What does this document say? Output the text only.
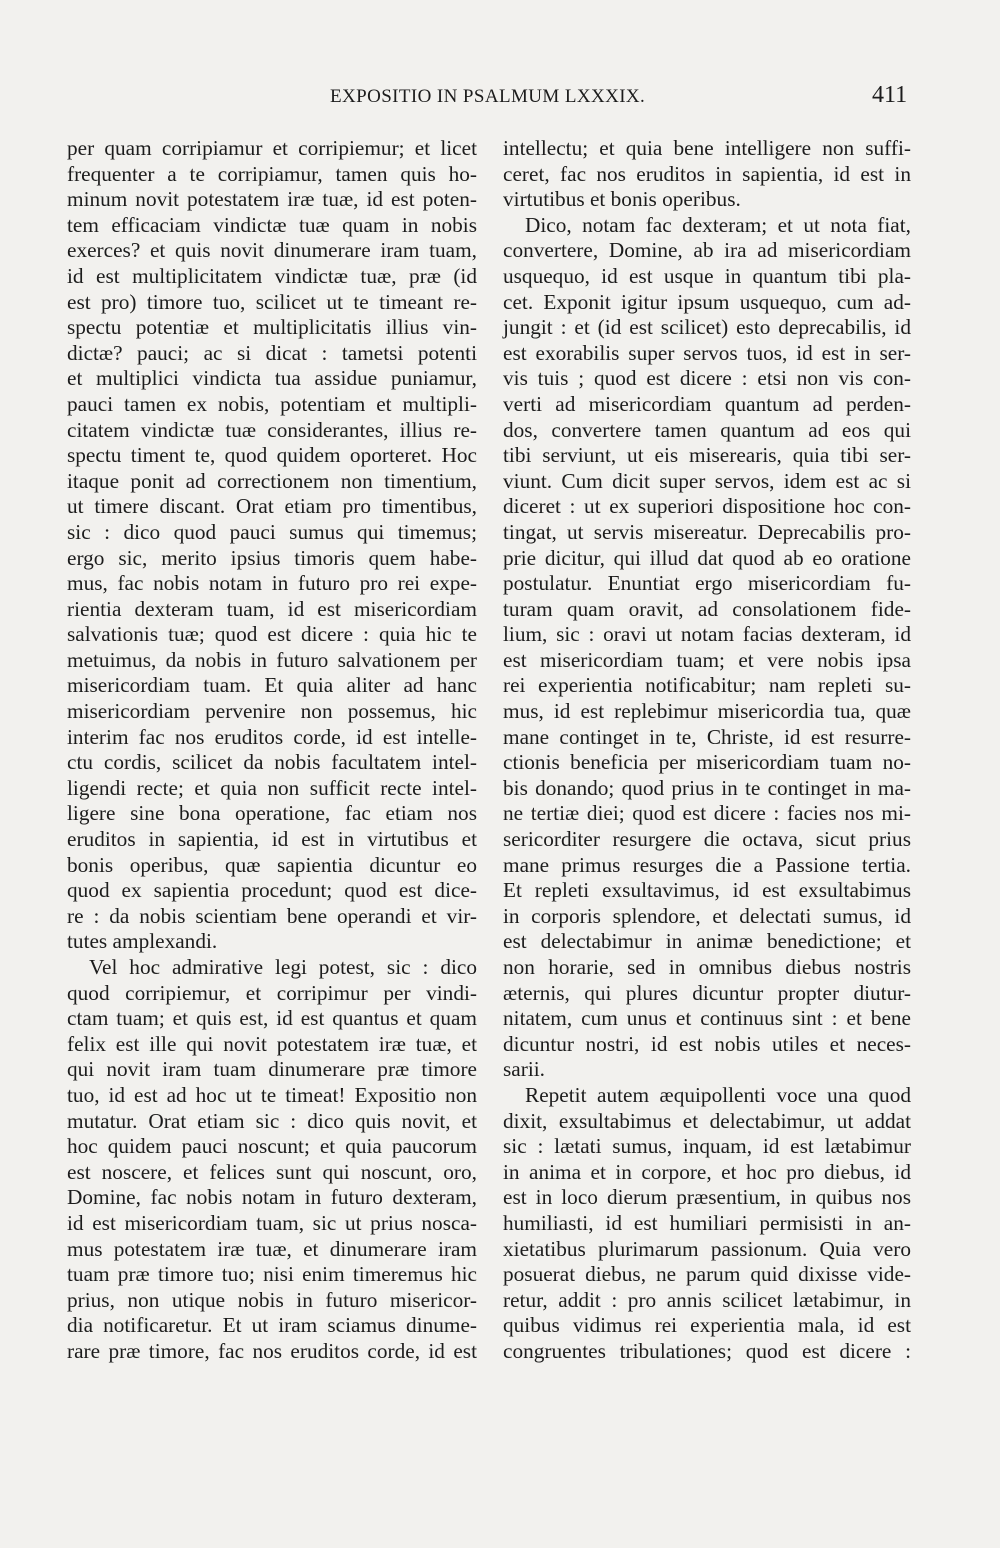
EXPOSITIO IN PSALMUM LXXXIX.	411
per quam corripiamur et corripiemur; et licet
frequenter a te corripiamur, tamen quis ho-
minum novit potestatem iræ tuæ, id est poten-
tem efficaciam vindictæ tuæ quam in nobis
exerces? et quis novit dinumerare iram tuam,
id est multiplicitatem vindictæ tuæ, præ (id
est pro) timore tuo, scilicet ut te timeant re-
spectu potentiæ et multiplicitatis illius vin-
dictæ? pauci; ac si dicat : tametsi potenti
et multiplici vindicta tua assidue puniamur,
pauci tamen ex nobis, potentiam et multipli-
citatem vindictæ tuæ considerantes, illius re-
spectu timent te, quod quidem oporteret. Hoc
itaque ponit ad correctionem non timentium,
ut timere discant. Orat etiam pro timentibus,
sic : dico quod pauci sumus qui timemus;
ergo sic, merito ipsius timoris quem habe-
mus, fac nobis notam in futuro pro rei expe-
rientia dexteram tuam, id est misericordiam
salvationis tuæ; quod est dicere : quia hic te
metuimus, da nobis in futuro salvationem per
misericordiam tuam. Et quia aliter ad hanc
misericordiam pervenire non possemus, hic
interim fac nos eruditos corde, id est intelle-
ctu cordis, scilicet da nobis facultatem intel-
ligendi recte; et quia non sufficit recte intel-
ligere sine bona operatione, fac etiam nos
eruditos in sapientia, id est in virtutibus et
bonis operibus, quæ sapientia dicuntur eo
quod ex sapientia procedunt; quod est dice-
re : da nobis scientiam bene operandi et vir-
tutes amplexandi.
Vel hoc admirative legi potest, sic : dico
quod corripiemur, et corripimur per vindi-
ctam tuam; et quis est, id est quantus et quam
felix est ille qui novit potestatem iræ tuæ, et
qui novit iram tuam dinumerare præ timore
tuo, id est ad hoc ut te timeat! Expositio non
mutatur. Orat etiam sic : dico quis novit, et
hoc quidem pauci noscunt; et quia paucorum
est noscere, et felices sunt qui noscunt, oro,
Domine, fac nobis notam in futuro dexteram,
id est misericordiam tuam, sic ut prius nosca-
mus potestatem iræ tuæ, et dinumerare iram
tuam præ timore tuo; nisi enim timeremus hic
prius, non utique nobis in futuro misericor-
dia notificaretur. Et ut iram sciamus dinume-
rare præ timore, fac nos eruditos corde, id est
intellectu; et quia bene intelligere non suffi-
ceret, fac nos eruditos in sapientia, id est in
virtutibus et bonis operibus.
Dico, notam fac dexteram; et ut nota fiat,
convertere, Domine, ab ira ad misericordiam
usquequo, id est usque in quantum tibi pla-
cet. Exponit igitur ipsum usquequo, cum ad-
jungit : et (id est scilicet) esto deprecabilis, id
est exorabilis super servos tuos, id est in ser-
vis tuis ; quod est dicere : etsi non vis con-
verti ad misericordiam quantum ad perden-
dos, convertere tamen quantum ad eos qui
tibi serviunt, ut eis miserearis, quia tibi ser-
viunt. Cum dicit super servos, idem est ac si
diceret : ut ex superiori dispositione hoc con-
tingat, ut servis misereatur. Deprecabilis pro-
prie dicitur, qui illud dat quod ab eo oratione
postulatur. Enuntiat ergo misericordiam fu-
turam quam oravit, ad consolationem fide-
lium, sic : oravi ut notam facias dexteram, id
est misericordiam tuam; et vere nobis ipsa
rei experientia notificabitur; nam repleti su-
mus, id est replebimur misericordia tua, quæ
mane continget in te, Christe, id est resurre-
ctionis beneficia per misericordiam tuam no-
bis donando; quod prius in te continget in ma-
ne tertiæ diei; quod est dicere : facies nos mi-
sericorditer resurgere die octava, sicut prius
mane primus resurges die a Passione tertia.
Et repleti exsultavimus, id est exsultabimus
in corporis splendore, et delectati sumus, id
est delectabimur in animæ benedictione; et
non horarie, sed in omnibus diebus nostris
æternis, qui plures dicuntur propter diutur-
nitatem, cum unus et continuus sint : et bene
dicuntur nostri, id est nobis utiles et neces-
sarii.
Repetit autem æquipollenti voce una quod
dixit, exsultabimus et delectabimur, ut addat
sic : lætati sumus, inquam, id est lætabimur
in anima et in corpore, et hoc pro diebus, id
est in loco dierum præsentium, in quibus nos
humiliasti, id est humiliari permisisti in an-
xietatibus plurimarum passionum. Quia vero
posuerat diebus, ne parum quid dixisse vide-
retur, addit : pro annis scilicet lætabimur, in
quibus vidimus rei experientia mala, id est
congruentes tribulationes; quod est dicere :
